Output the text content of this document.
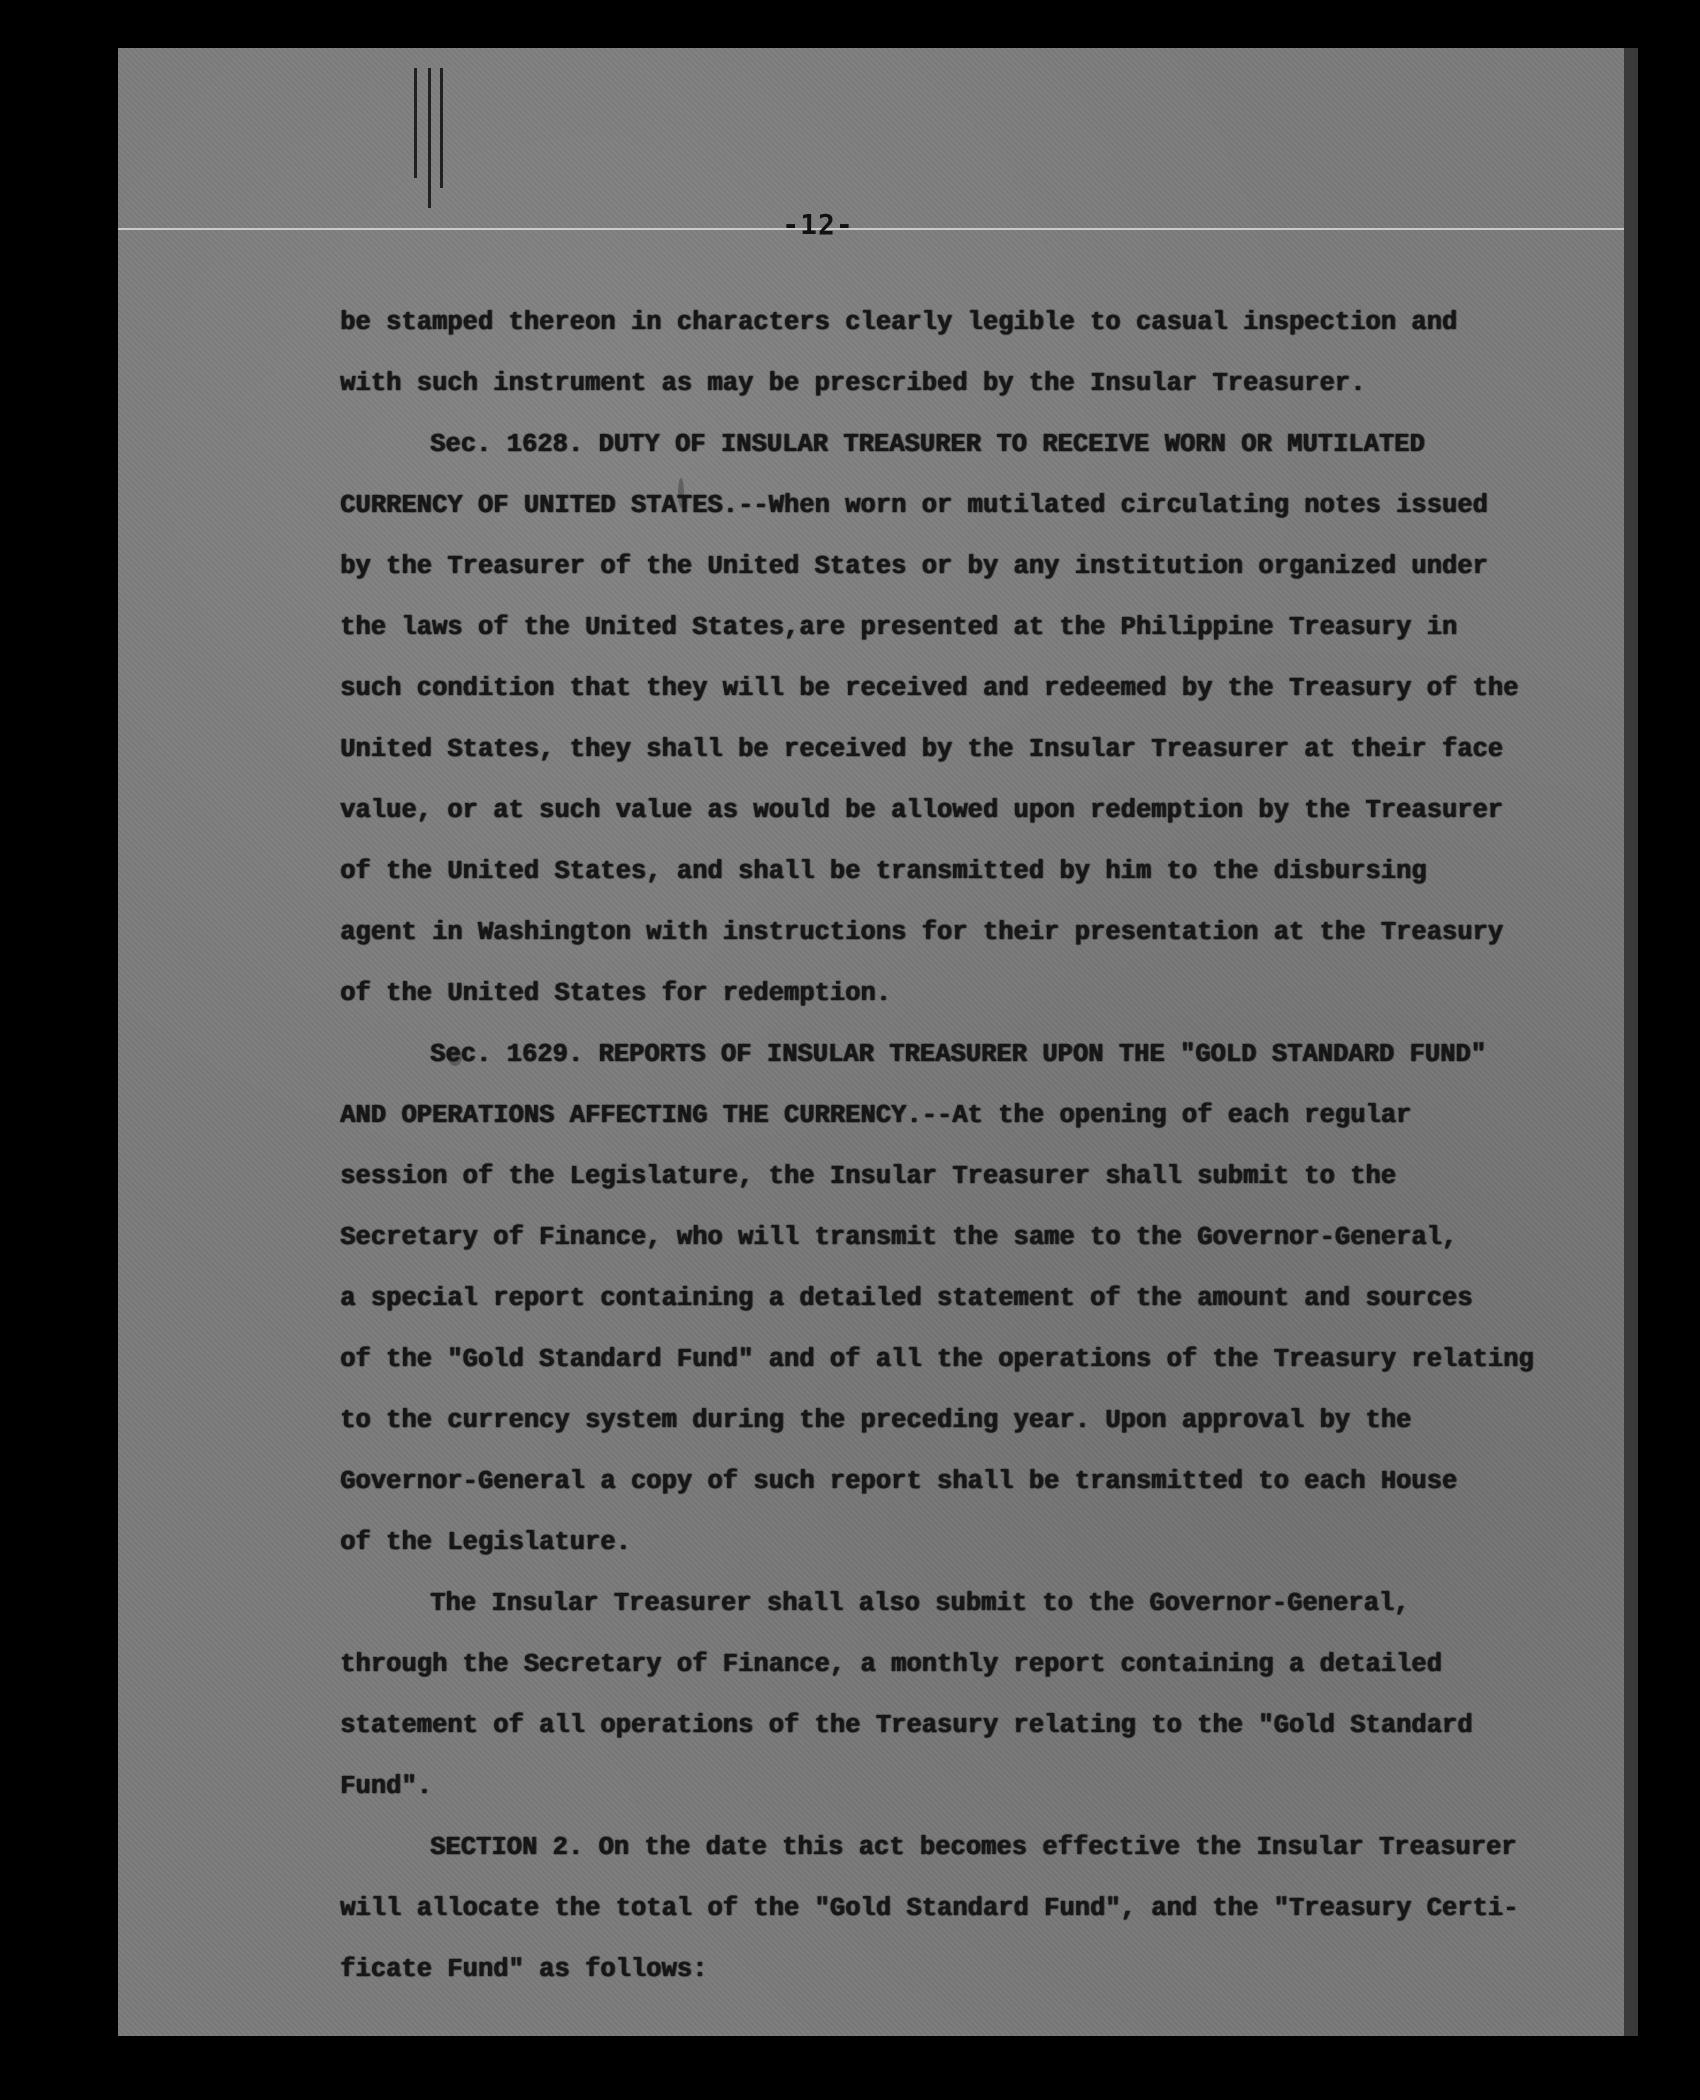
-12-
be stamped thereon in characters clearly legible to casual inspection and
with such instrument as may be prescribed by the Insular Treasurer.
Sec. 1628. DUTY OF INSULAR TREASURER TO RECEIVE WORN OR MUTILATED
CURRENCY OF UNITED STATES.--When worn or mutilated circulating notes issued
by the Treasurer of the United States or by any institution organized under
the laws of the United States,are presented at the Philippine Treasury in
such condition that they will be received and redeemed by the Treasury of the
United States, they shall be received by the Insular Treasurer at their face
value, or at such value as would be allowed upon redemption by the Treasurer
of the United States, and shall be transmitted by him to the disbursing
agent in Washington with instructions for their presentation at the Treasury
of the United States for redemption.
Sec. 1629. REPORTS OF INSULAR TREASURER UPON THE "GOLD STANDARD FUND"
AND OPERATIONS AFFECTING THE CURRENCY.--At the opening of each regular
session of the Legislature, the Insular Treasurer shall submit to the
Secretary of Finance, who will transmit the same to the Governor-General,
a special report containing a detailed statement of the amount and sources
of the "Gold Standard Fund" and of all the operations of the Treasury relating
to the currency system during the preceding year. Upon approval by the
Governor-General a copy of such report shall be transmitted to each House
of the Legislature.
The Insular Treasurer shall also submit to the Governor-General,
through the Secretary of Finance, a monthly report containing a detailed
statement of all operations of the Treasury relating to the "Gold Standard
Fund".
SECTION 2. On the date this act becomes effective the Insular Treasurer
will allocate the total of the "Gold Standard Fund", and the "Treasury Certi-
ficate Fund" as follows:
